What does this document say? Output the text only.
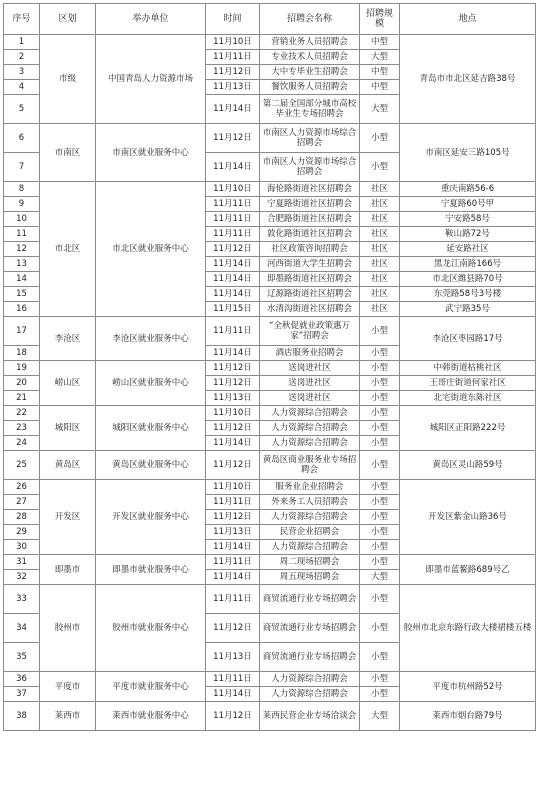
序号	区划	举办单位	时间	招聘会名称	招聘规模	地点
1	市级	中国青岛人力资源市场	11月10日	营销业务人员招聘会	中型	青岛市市北区延吉路38号
2			11月11日	专业技术人员招聘会	大型	
3			11月12日	大中专毕业生招聘会	中型	
4			11月13日	餐饮服务人员招聘会	中型	
5			11月14日	第二届全国部分城市高校毕业生专场招聘会	大型	
6	市南区	市南区就业服务中心	11月12日	市南区人力资源市场综合招聘会	小型	市南区延安三路105号
7			11月14日	市南区人力资源市场综合招聘会	小型	
8	市北区	市北区就业服务中心	11月10日	海伦路街道社区招聘会	社区	重庆南路56-6
9			11月11日	宁夏路街道社区招聘会	社区	宁夏路60号甲
10			11月11日	合肥路街道社区招聘会	社区	宁安路58号
11			11月11日	敦化路街道社区招聘会	社区	鞍山路72号
12			11月12日	社区政策咨询招聘会	社区	延安路社区
13			11月14日	河西街道大学生招聘会	社区	黑龙江南路166号
14			11月14日	即墨路街道社区招聘会	社区	市北区潍县路70号
15			11月14日	辽源路街道社区招聘会	社区	东莞路58号3号楼
16			11月15日	水清沟街道社区招聘会	社区	武宁路35号
17	李沧区	李沧区就业服务中心	11月11日	“全秋促就业政策惠万家”招聘会	小型	李沧区枣园路17号
18			11月14日	酒店服务业招聘会	小型	
19	崂山区	崂山区就业服务中心	11月12日	送岗进社区	小型	中韩街道枯桃社区
20			11月12日	送岗进社区	小型	王哥庄街道何家社区
21			11月13日	送岗进社区	小型	北宅街道东陈社区
22	城阳区	城阳区就业服务中心	11月10日	人力资源综合招聘会	小型	城阳区正阳路222号
23			11月12日	人力资源综合招聘会	小型	
24			11月14日	人力资源综合招聘会	小型	
25	黄岛区	黄岛区就业服务中心	11月12日	黄岛区商业服务业专场招聘会	小型	黄岛区灵山路59号
26	开发区	开发区就业服务中心	11月10日	服务业企业招聘会	小型	开发区紫金山路36号
27			11月11日	外来务工人员招聘会	小型	
28			11月12日	人力资源综合招聘会	小型	
29			11月13日	民营企业招聘会	小型	
30			11月14日	人力资源综合招聘会	小型	
31	即墨市	即墨市就业服务中心	11月11日	周二现场招聘会	小型	即墨市蓝鳌路689号乙
32			11月14日	周五现场招聘会	大型	
33	胶州市	胶州市就业服务中心	11月11日	商贸流通行业专场招聘会	小型	胶州市北京东路行政大楼裙楼五楼
34			11月12日	商贸流通行业专场招聘会	小型	
35			11月13日	商贸流通行业专场招聘会	小型	
36	平度市	平度市就业服务中心	11月11日	人力资源综合招聘会	小型	平度市杭州路52号
37			11月14日	人力资源综合招聘会	小型	
38	莱西市	莱西市就业服务中心	11月12日	莱西民营企业专场洽谈会	大型	莱西市烟台路79号
